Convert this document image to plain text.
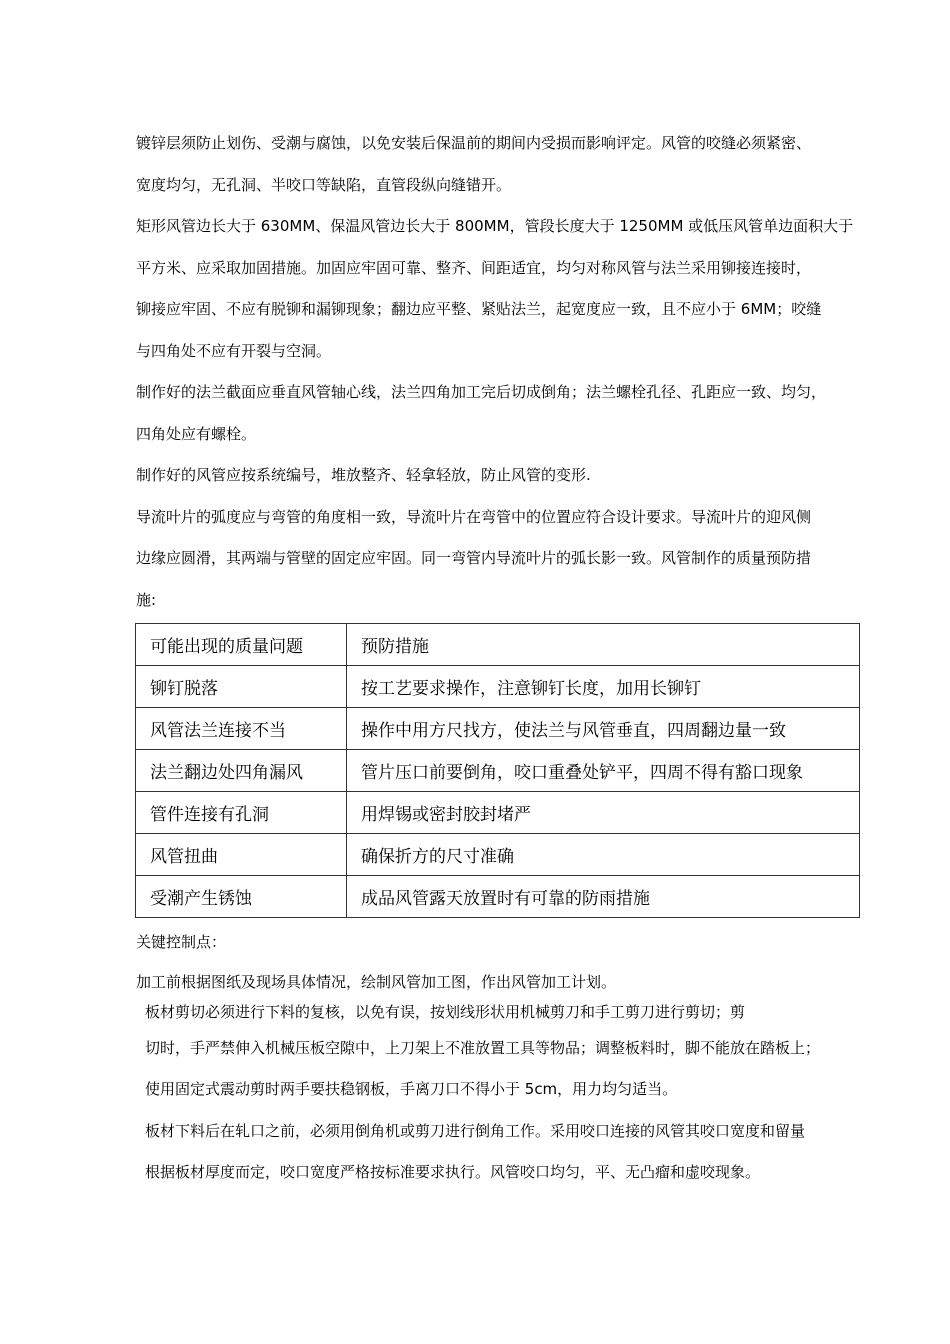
镀锌层须防止划伤、受潮与腐蚀，以免安装后保温前的期间内受损而影响评定。风管的咬缝必须紧密、
宽度均匀，无孔洞、半咬口等缺陷，直管段纵向缝错开。
矩形风管边长大于 630MM、保温风管边长大于 800MM，管段长度大于 1250MM 或低压风管单边面积大于
平方米、应采取加固措施。加固应牢固可靠、整齐、间距适宜，均匀对称风管与法兰采用铆接连接时，
铆接应牢固、不应有脱铆和漏铆现象；翻边应平整、紧贴法兰，起宽度应一致，且不应小于 6MM；咬缝
与四角处不应有开裂与空洞。
制作好的法兰截面应垂直风管轴心线，法兰四角加工完后切成倒角；法兰螺栓孔径、孔距应一致、均匀，
四角处应有螺栓。
制作好的风管应按系统编号，堆放整齐、轻拿轻放，防止风管的变形.
导流叶片的弧度应与弯管的角度相一致，导流叶片在弯管中的位置应符合设计要求。导流叶片的迎风侧
边缘应圆滑，其两端与管壁的固定应牢固。同一弯管内导流叶片的弧长影一致。风管制作的质量预防措
施:
可能出现的质量问题	预防措施
铆钉脱落	按工艺要求操作，注意铆钉长度，加用长铆钉
风管法兰连接不当	操作中用方尺找方，使法兰与风管垂直，四周翻边量一致
法兰翻边处四角漏风	管片压口前要倒角，咬口重叠处铲平，四周不得有豁口现象
管件连接有孔洞	用焊锡或密封胶封堵严
风管扭曲	确保折方的尺寸准确
受潮产生锈蚀	成品风管露天放置时有可靠的防雨措施
关键控制点：
加工前根据图纸及现场具体情况，绘制风管加工图，作出风管加工计划。
板材剪切必须进行下料的复核，以免有误，按划线形状用机械剪刀和手工剪刀进行剪切；剪
切时，手严禁伸入机械压板空隙中，上刀架上不准放置工具等物品；调整板料时，脚不能放在踏板上；
使用固定式震动剪时两手要扶稳钢板，手离刀口不得小于 5cm，用力均匀适当。
板材下料后在轧口之前，必须用倒角机或剪刀进行倒角工作。采用咬口连接的风管其咬口宽度和留量
根据板材厚度而定，咬口宽度严格按标准要求执行。风管咬口均匀，平、无凸瘤和虚咬现象。
